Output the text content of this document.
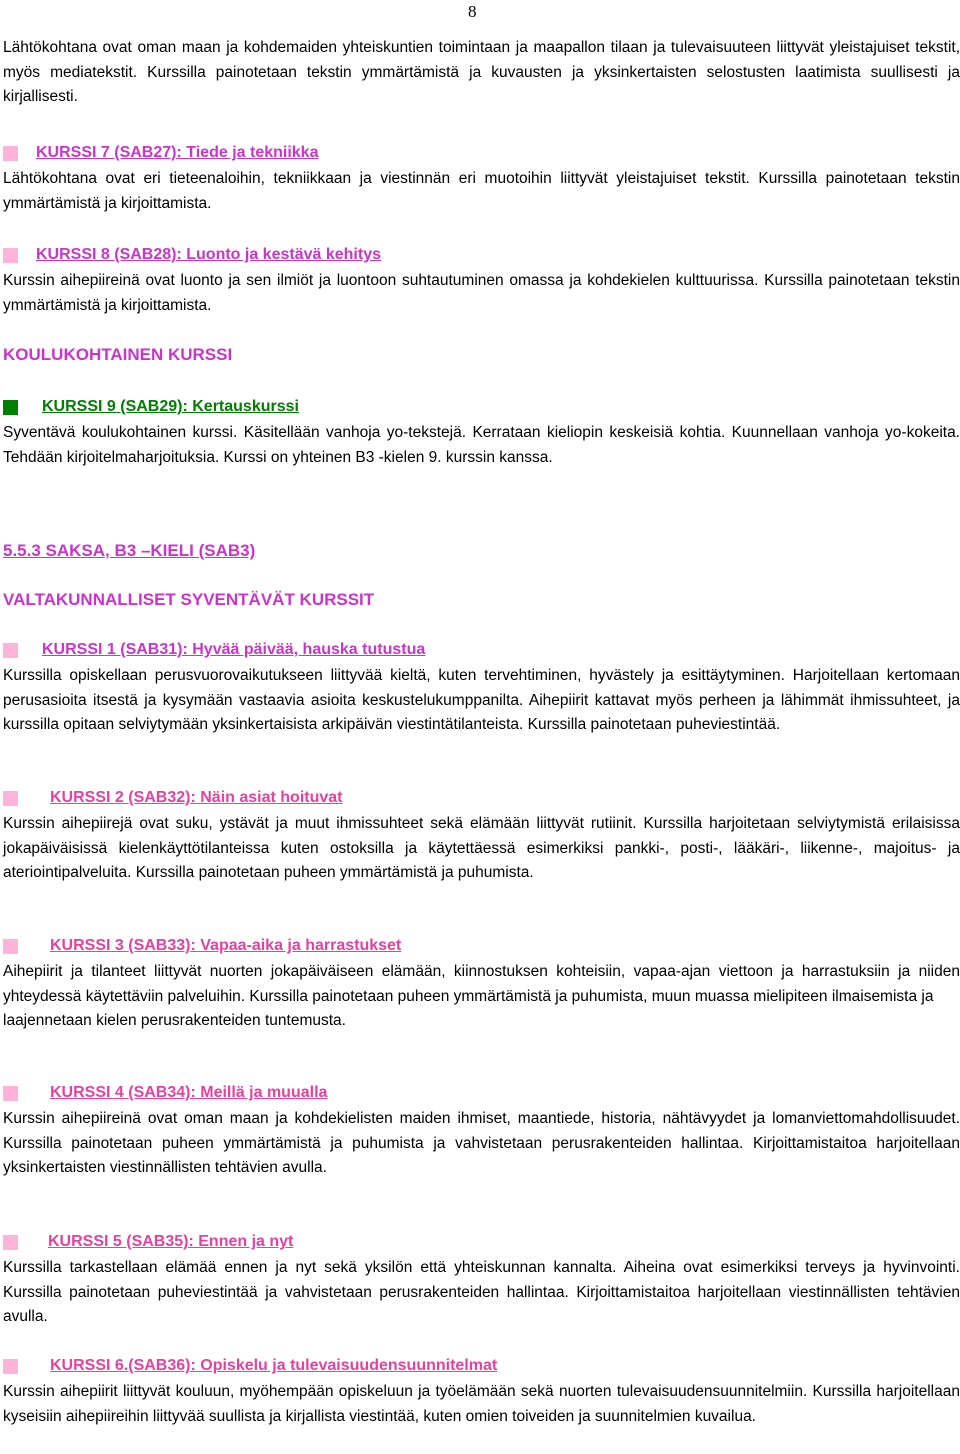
8

Lähtökohtana ovat oman maan ja kohdemaiden yhteiskuntien toimintaan ja maapallon tilaan ja tulevaisuuteen liittyvät yleistajuiset tekstit, myös mediatekstit. Kurssilla painotetaan tekstin ymmärtämistä ja kuvausten ja yksinkertaisten selostusten laatimista suullisesti ja kirjallisesti.

KURSSI 7 (SAB27): Tiede ja tekniikka

Lähtökohtana ovat eri tieteenaloihin, tekniikkaan ja viestinnän eri muotoihin liittyvät yleistajuiset tekstit. Kurssilla painotetaan tekstin ymmärtämistä ja kirjoittamista.

KURSSI 8 (SAB28): Luonto ja kestävä kehitys

Kurssin aihepiireinä ovat luonto ja sen ilmiöt ja luontoon suhtautuminen omassa ja kohdekielen kulttuurissa. Kurssilla painotetaan tekstin ymmärtämistä ja kirjoittamista.

KOULUKOHTAINEN KURSSI
KURSSI 9 (SAB29): Kertauskurssi

Syventävä koulukohtainen kurssi. Käsitellään vanhoja yo-tekstejä. Kerrataan kieliopin keskeisiä kohtia. Kuunnellaan vanhoja yo-kokeita. Tehdään kirjoitelmaharjoituksia. Kurssi on yhteinen B3 -kielen 9. kurssin kanssa.

5.5.3 SAKSA, B3 –KIELI (SAB3)
VALTAKUNNALLISET SYVENTÄVÄT KURSSIT
KURSSI 1 (SAB31): Hyvää päivää, hauska tutustua

Kurssilla opiskellaan perusvuorovaikutukseen liittyvää kieltä, kuten tervehtiminen, hyvästely ja esittäytyminen. Harjoitellaan kertomaan perusasioita itsestä ja kysymään vastaavia asioita keskustelukumppanilta. Aihepiirit kattavat myös perheen ja lähimmät ihmissuhteet, ja kurssilla opitaan selviytymään yksinkertaisista arkipäivän viestintätilanteista. Kurssilla painotetaan puheviestintää.

KURSSI 2 (SAB32): Näin asiat hoituvat

Kurssin aihepiirejä ovat suku, ystävät ja muut ihmissuhteet sekä elämään liittyvät rutiinit. Kurssilla harjoitetaan selviytymistä erilaisissa jokapäiväisissä kielenkäyttötilanteissa kuten ostoksilla ja käytettäessä esimerkiksi pankki-, posti-, lääkäri-, liikenne-, majoitus- ja ateriointipalveluita. Kurssilla painotetaan puheen ymmärtämistä ja puhumista.

KURSSI 3 (SAB33): Vapaa-aika ja harrastukset

Aihepiirit ja tilanteet liittyvät nuorten jokapäiväiseen elämään, kiinnostuksen kohteisiin, vapaa-ajan viettoon ja harrastuksiin ja niiden yhteydessä käytettäviin palveluihin. Kurssilla painotetaan puheen ymmärtämistä ja puhumista, muun muassa mielipiteen ilmaisemista ja

laajennetaan kielen perusrakenteiden tuntemusta.

KURSSI 4 (SAB34): Meillä ja muualla

Kurssin aihepiireinä ovat oman maan ja kohdekielisten maiden ihmiset, maantiede, historia, nähtävyydet ja lomanviettomahdollisuudet. Kurssilla painotetaan puheen ymmärtämistä ja puhumista ja vahvistetaan perusrakenteiden hallintaa. Kirjoittamistaitoa harjoitellaan yksinkertaisten viestinnällisten tehtävien avulla.

KURSSI 5 (SAB35): Ennen ja nyt

Kurssilla tarkastellaan elämää ennen ja nyt sekä yksilön että yhteiskunnan kannalta. Aiheina ovat esimerkiksi terveys ja hyvinvointi. Kurssilla painotetaan puheviestintää ja vahvistetaan perusrakenteiden hallintaa. Kirjoittamistaitoa harjoitellaan viestinnällisten tehtävien avulla.

KURSSI 6.(SAB36): Opiskelu ja tulevaisuudensuunnitelmat

Kurssin aihepiirit liittyvät kouluun, myöhempään opiskeluun ja työelämään sekä nuorten tulevaisuudensuunnitelmiin. Kurssilla harjoitellaan kyseisiin aihepiireihin liittyvää suullista ja kirjallista viestintää, kuten omien toiveiden ja suunnitelmien kuvailua.
